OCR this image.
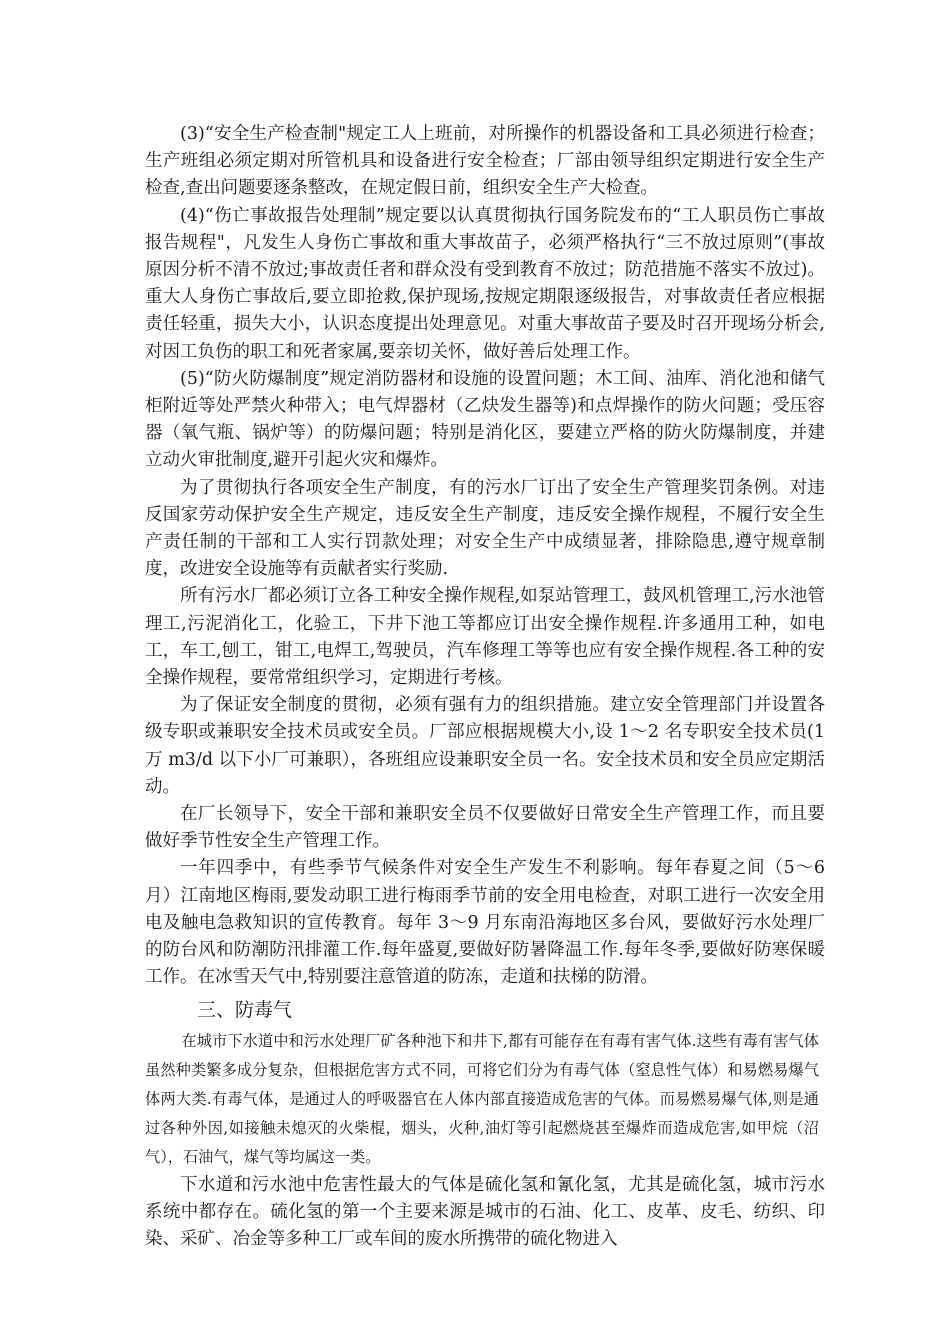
(3)“安全生产检查制"规定工人上班前，对所操作的机器设备和工具必须进行检查；生产班组必须定期对所管机具和设备进行安全检查；厂部由领导组织定期进行安全生产检查,查出问题要逐条整改，在规定假日前，组织安全生产大检查。

(4)“伤亡事故报告处理制”规定要以认真贯彻执行国务院发布的“工人职员伤亡事故报告规程"，凡发生人身伤亡事故和重大事故苗子，必须严格执行“三不放过原则”(事故原因分析不清不放过;事故责任者和群众没有受到教育不放过；防范措施不落实不放过)。重大人身伤亡事故后,要立即抢救,保护现场,按规定期限逐级报告，对事故责任者应根据责任轻重，损失大小，认识态度提出处理意见。对重大事故苗子要及时召开现场分析会,对因工负伤的职工和死者家属,要亲切关怀，做好善后处理工作。

(5)“防火防爆制度”规定消防器材和设施的设置问题；木工间、油库、消化池和储气柜附近等处严禁火种带入；电气焊器材（乙炔发生器等)和点焊操作的防火问题；受压容器（氧气瓶、锅炉等）的防爆问题；特别是消化区，要建立严格的防火防爆制度，并建立动火审批制度,避开引起火灾和爆炸。

为了贯彻执行各项安全生产制度，有的污水厂订出了安全生产管理奖罚条例。对违反国家劳动保护安全生产规定，违反安全生产制度，违反安全操作规程，不履行安全生产责任制的干部和工人实行罚款处理；对安全生产中成绩显著，排除隐患,遵守规章制度，改进安全设施等有贡献者实行奖励.

所有污水厂都必须订立各工种安全操作规程,如泵站管理工，鼓风机管理工,污水池管理工,污泥消化工，化验工，下井下池工等都应订出安全操作规程.许多通用工种，如电工，车工,刨工，钳工,电焊工,驾驶员，汽车修理工等等也应有安全操作规程.各工种的安全操作规程，要常常组织学习，定期进行考核。

为了保证安全制度的贯彻，必须有强有力的组织措施。建立安全管理部门并设置各级专职或兼职安全技术员或安全员。厂部应根据规模大小,设 1～2 名专职安全技术员(1 万 m3/d 以下小厂可兼职），各班组应设兼职安全员一名。安全技术员和安全员应定期活动。

在厂长领导下，安全干部和兼职安全员不仅要做好日常安全生产管理工作，而且要做好季节性安全生产管理工作。

一年四季中，有些季节气候条件对安全生产发生不利影响。每年春夏之间（5～6 月）江南地区梅雨,要发动职工进行梅雨季节前的安全用电检查，对职工进行一次安全用电及触电急救知识的宣传教育。每年 3～9 月东南沿海地区多台风，要做好污水处理厂的防台风和防潮防汛排灌工作.每年盛夏,要做好防暑降温工作.每年冬季,要做好防寒保暖工作。在冰雪天气中,特别要注意管道的防冻，走道和扶梯的防滑。

三、防毒气

在城市下水道中和污水处理厂矿各种池下和井下,都有可能存在有毒有害气体.这些有毒有害气体虽然种类繁多成分复杂，但根据危害方式不同，可将它们分为有毒气体（窒息性气体）和易燃易爆气体两大类.有毒气体，是通过人的呼吸器官在人体内部直接造成危害的气体。而易燃易爆气体,则是通过各种外因,如接触未熄灭的火柴棍，烟头，火种,油灯等引起燃烧甚至爆炸而造成危害,如甲烷（沼气），石油气，煤气等均属这一类。

下水道和污水池中危害性最大的气体是硫化氢和氰化氢，尤其是硫化氢，城市污水系统中都存在。硫化氢的第一个主要来源是城市的石油、化工、皮革、皮毛、纺织、印染、采矿、冶金等多种工厂或车间的废水所携带的硫化物进入
